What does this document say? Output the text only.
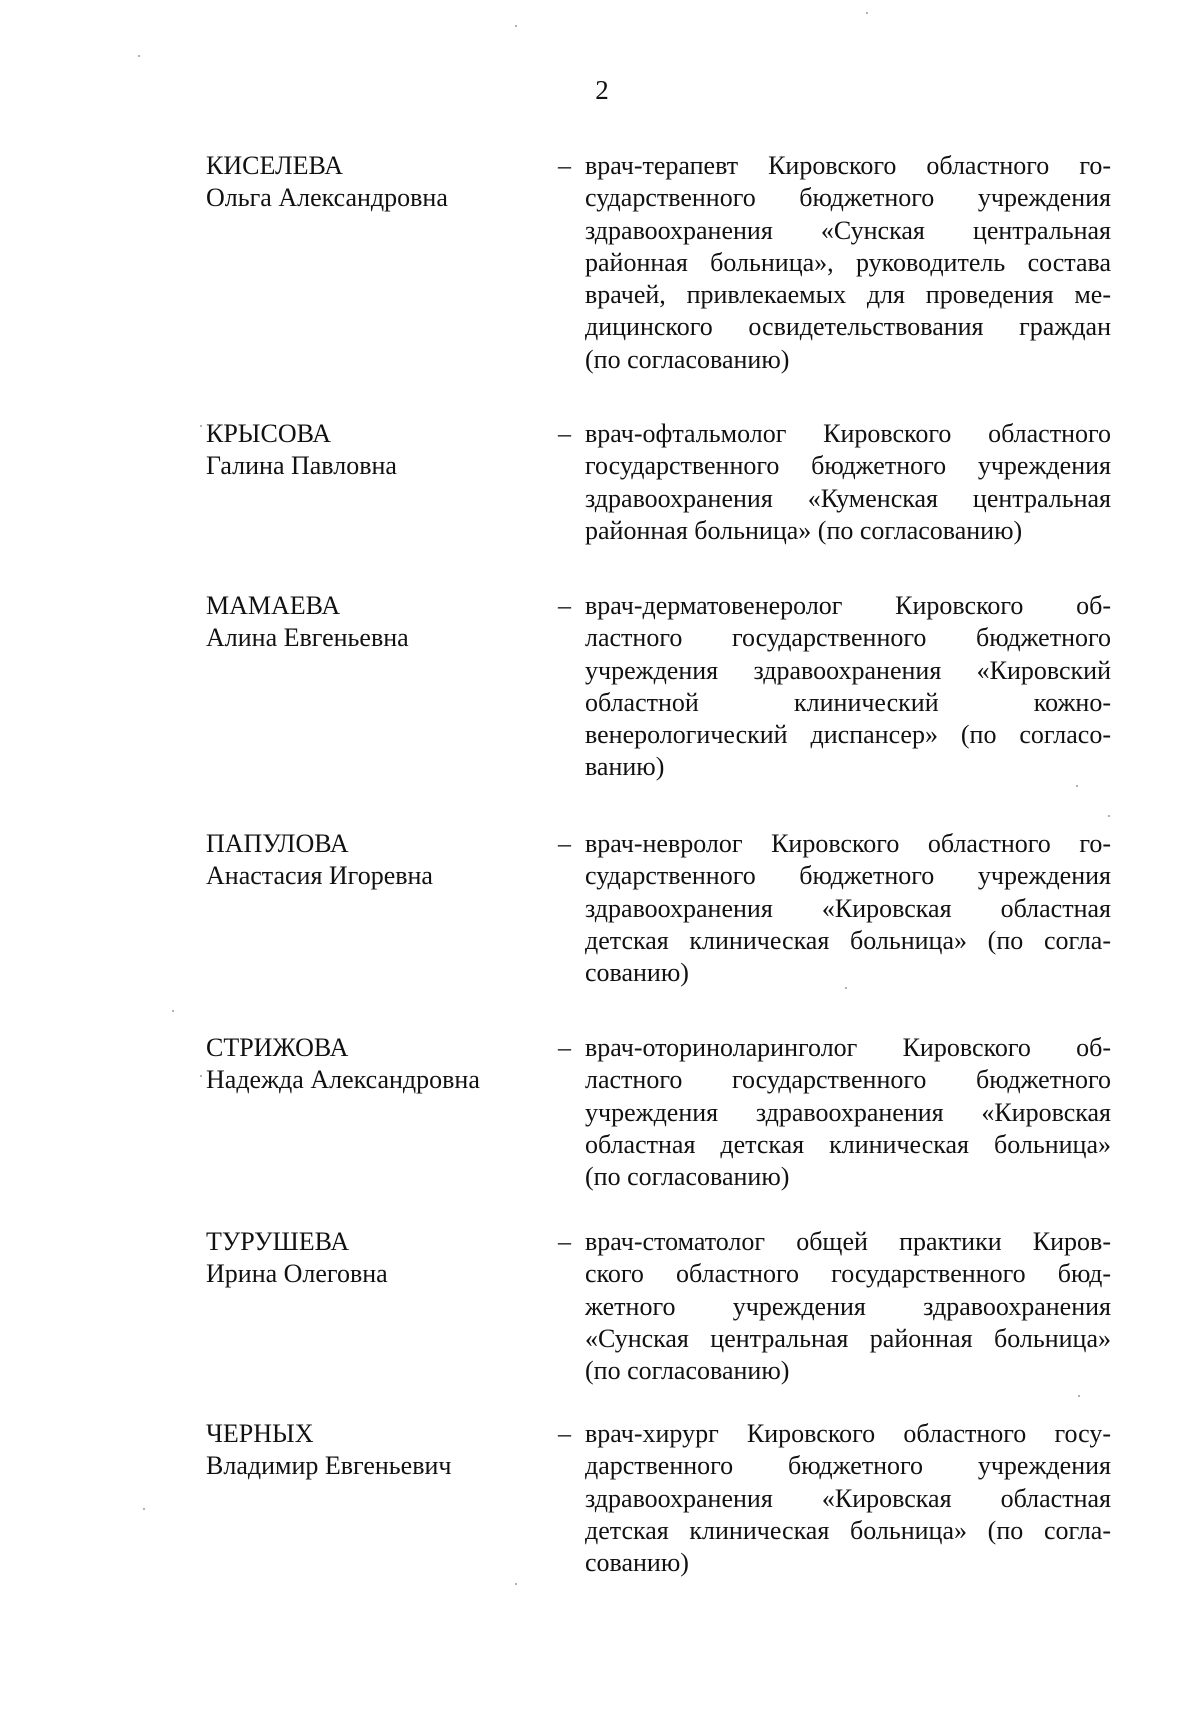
2
КИСЕЛЕВА
Ольга Александровна
– врач-терапевт Кировского областного го-
сударственного бюджетного учреждения
здравоохранения «Сунская центральная
районная больница», руководитель состава
врачей, привлекаемых для проведения ме-
дицинского освидетельствования граждан
(по согласованию)
КРЫСОВА
Галина Павловна
– врач-офтальмолог Кировского областного
государственного бюджетного учреждения
здравоохранения «Куменская центральная
районная больница» (по согласованию)
МАМАЕВА
Алина Евгеньевна
– врач-дерматовенеролог Кировского об-
ластного государственного бюджетного
учреждения здравоохранения «Кировский
областной клинический кожно-
венерологический диспансер» (по согласо-
ванию)
ПАПУЛОВА
Анастасия Игоревна
– врач-невролог Кировского областного го-
сударственного бюджетного учреждения
здравоохранения «Кировская областная
детская клиническая больница» (по согла-
сованию)
СТРИЖОВА
Надежда Александровна
– врач-оториноларинголог Кировского об-
ластного государственного бюджетного
учреждения здравоохранения «Кировская
областная детская клиническая больница»
(по согласованию)
ТУРУШЕВА
Ирина Олеговна
– врач-стоматолог общей практики Киров-
ского областного государственного бюд-
жетного учреждения здравоохранения
«Сунская центральная районная больница»
(по согласованию)
ЧЕРНЫХ
Владимир Евгеньевич
– врач-хирург Кировского областного госу-
дарственного бюджетного учреждения
здравоохранения «Кировская областная
детская клиническая больница» (по согла-
сованию)
